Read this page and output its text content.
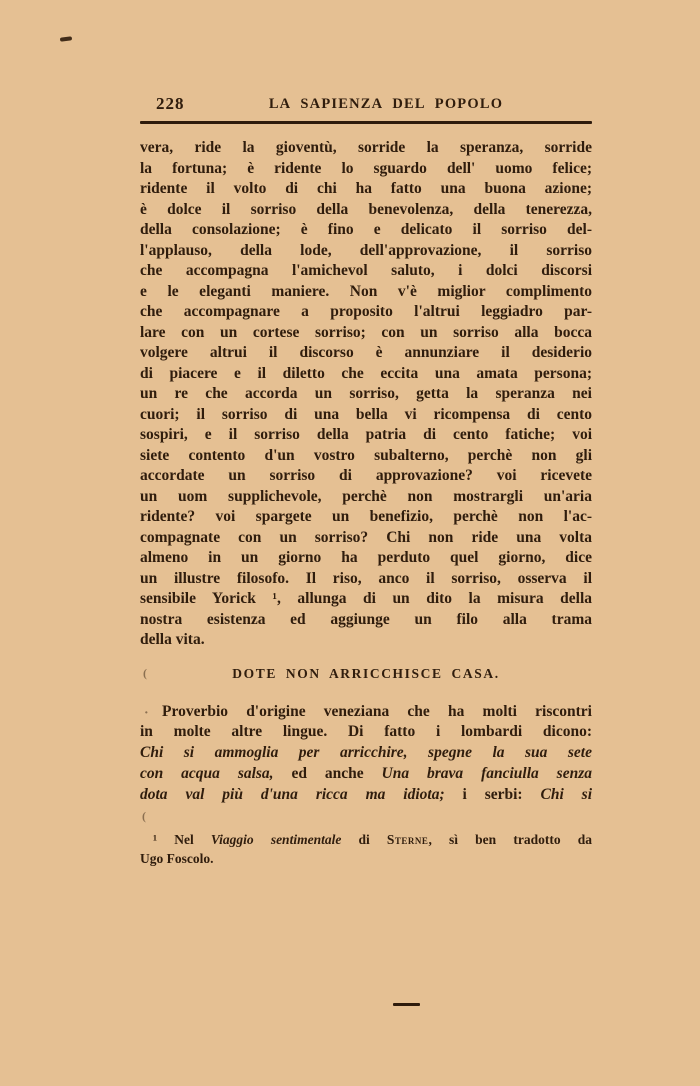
228	LA SAPIENZA DEL POPOLO
vera, ride la gioventù, sorride la speranza, sorride
la fortuna; è ridente lo sguardo dell' uomo felice;
ridente il volto di chi ha fatto una buona azione;
è dolce il sorriso della benevolenza, della tenerezza,
della consolazione; è fino e delicato il sorriso del-
l'applauso, della lode, dell'approvazione, il sorriso
che accompagna l'amichevol saluto, i dolci discorsi
e le eleganti maniere. Non v'è miglior complimento
che accompagnare a proposito l'altrui leggiadro par-
lare con un cortese sorriso; con un sorriso alla bocca
volgere altrui il discorso è annunziare il desiderio
di piacere e il diletto che eccita una amata persona;
un re che accorda un sorriso, getta la speranza nei
cuori; il sorriso di una bella vi ricompensa di cento
sospiri, e il sorriso della patria di cento fatiche; voi
siete contento d'un vostro subalterno, perchè non gli
accordate un sorriso di approvazione? voi ricevete
un uom supplichevole, perchè non mostrargli un'aria
ridente? voi spargete un benefizio, perchè non l'ac-
compagnate con un sorriso? Chi non ride una volta
almeno in un giorno ha perduto quel giorno, dice
un illustre filosofo. Il riso, anco il sorriso, osserva il
sensibile Yorick ¹, allunga di un dito la misura della
nostra esistenza ed aggiunge un filo alla trama
della vita.
DOTE NON ARRICCHISCE CASA.
Proverbio d'origine veneziana che ha molti riscontri
in molte altre lingue. Di fatto i lombardi dicono:
Chi si ammoglia per arricchire, spegne la sua sete
con acqua salsa, ed anche Una brava fanciulla senza
dota val più d'una ricca ma idiota; i serbi: Chi si
¹ Nel Viaggio sentimentale di Sterne, sì ben tradotto da
Ugo Foscolo.
(
(
·
